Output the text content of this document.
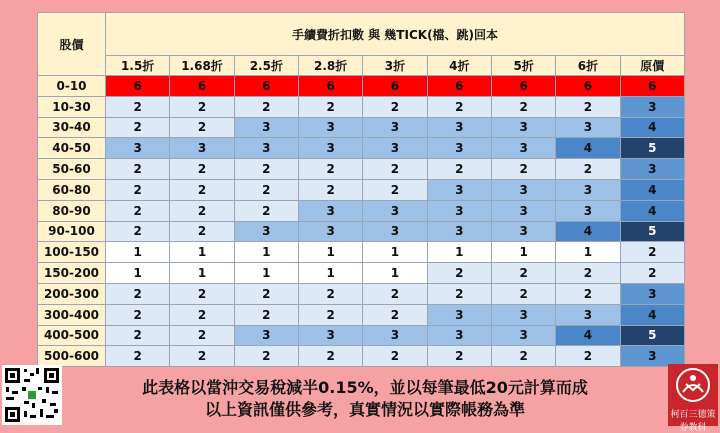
股價	手續費折扣數 與 幾TICK(檔、跳)回本								
	1.5折	1.68折	2.5折	2.8折	3折	4折	5折	6折	原價
0-10	6	6	6	6	6	6	6	6	6
10-30	2	2	2	2	2	2	2	2	3
30-40	2	2	3	3	3	3	3	3	4
40-50	3	3	3	3	3	3	3	4	5
50-60	2	2	2	2	2	2	2	2	3
60-80	2	2	2	2	2	3	3	3	4
80-90	2	2	2	3	3	3	3	3	4
90-100	2	2	3	3	3	3	3	4	5
100-150	1	1	1	1	1	1	1	1	2
150-200	1	1	1	1	1	2	2	2	2
200-300	2	2	2	2	2	2	2	2	3
300-400	2	2	2	2	2	3	3	3	4
400-500	2	2	3	3	3	3	3	4	5
500-600	2	2	2	2	2	2	2	2	3
此表格以當沖交易稅減半0.15%，並以每筆最低20元計算而成
以上資訊僅供參考，真實情況以實際帳務為準	柯百三德策 券教科
